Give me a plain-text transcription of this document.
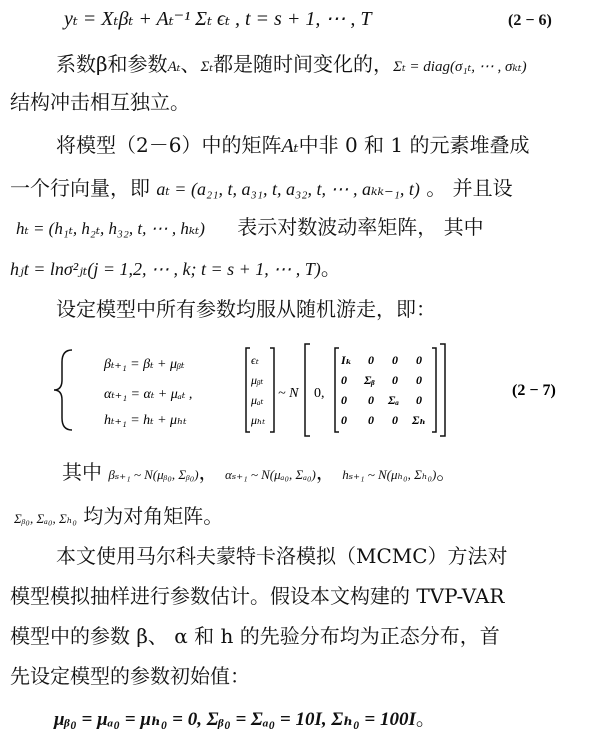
yₜ = Xₜβₜ + Aₜ⁻¹ Σₜ ϵₜ , t = s + 1, ⋯ , T	(2 − 6)
系数β和参数Aₜ、Σₜ都是随时间变化的，Σₜ = diag(σ₁ₜ, ⋯ , σₖₜ)
结构冲击相互独立。
将模型（2－6）中的矩阵Aₜ中非 0 和 1 的元素堆叠成
一个行向量，即 aₜ = (a₂₁, t, a₃₁, t, a₃₂, t, ⋯ , aₖₖ₋₁, t) 。 并且设
hₜ = (h₁ₜ, h₂ₜ, h₃₂, t, ⋯ , hₖₜ) 表示对数波动率矩阵， 其中
hⱼt = lnσ²ⱼₜ(j = 1,2, ⋯ , k; t = s + 1, ⋯ , T)。
设定模型中所有参数均服从随机游走，即：
βₜ₊₁ = βₜ + μᵦₜ
αₜ₊₁ = αₜ + μₐₜ ,
hₜ₊₁ = hₜ + μₕₜ
ϵₜ
μᵦₜ
μₐₜ
μₕₜ
~ N 0,
Iₖ 0 0 0
0 Σᵦ 0 0
0 0 Σₐ 0
0 0 0 Σₕ
(2 − 7)
其中 βₛ₊₁ ~ N(μᵦ₀, Σᵦ₀)， αₛ₊₁ ~ N(μₐ₀, Σₐ₀)， hₛ₊₁ ~ N(μₕ₀, Σₕ₀)。
Σᵦ₀, Σₐ₀, Σₕ₀ 均为对角矩阵。
本文使用马尔科夫蒙特卡洛模拟（MCMC）方法对
模型模拟抽样进行参数估计。假设本文构建的 TVP-VAR
模型中的参数 β、 α 和 h 的先验分布均为正态分布，首
先设定模型的参数初始值：
μᵦ₀ = μₐ₀ = μₕ₀ = 0, Σᵦ₀ = Σₐ₀ = 10I, Σₕ₀ = 100I。
